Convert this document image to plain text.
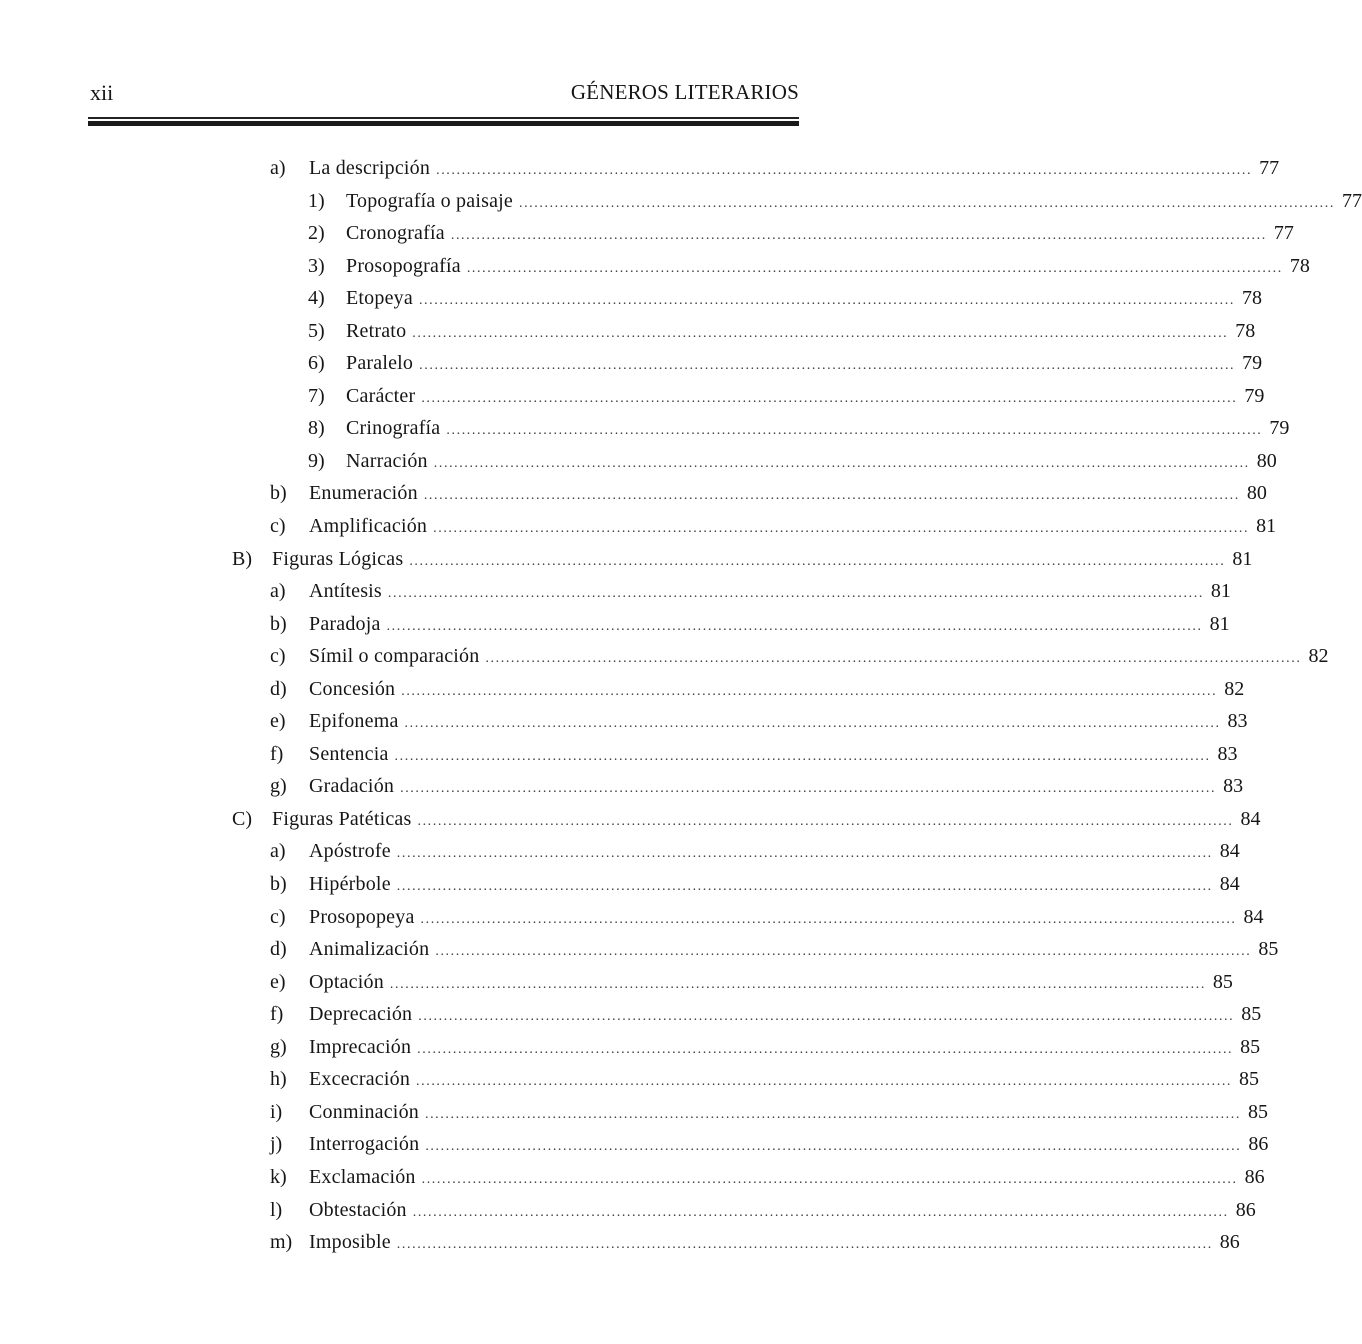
xii	GÉNEROS LITERARIOS
a) La descripción ................................................................................................................................................................ 77
1) Topografía o paisaje ................................................................................................................................................................ 77
2) Cronografía ................................................................................................................................................................ 77
3) Prosopografía ................................................................................................................................................................ 78
4) Etopeya ................................................................................................................................................................ 78
5) Retrato ................................................................................................................................................................ 78
6) Paralelo ................................................................................................................................................................ 79
7) Carácter ................................................................................................................................................................ 79
8) Crinografía ................................................................................................................................................................ 79
9) Narración ................................................................................................................................................................ 80
b) Enumeración ................................................................................................................................................................ 80
c) Amplificación ................................................................................................................................................................ 81
B) Figuras Lógicas ................................................................................................................................................................ 81
a) Antítesis ................................................................................................................................................................ 81
b) Paradoja ................................................................................................................................................................ 81
c) Símil o comparación ................................................................................................................................................................ 82
d) Concesión ................................................................................................................................................................ 82
e) Epifonema ................................................................................................................................................................ 83
f) Sentencia ................................................................................................................................................................ 83
g) Gradación ................................................................................................................................................................ 83
C) Figuras Patéticas ................................................................................................................................................................ 84
a) Apóstrofe ................................................................................................................................................................ 84
b) Hipérbole ................................................................................................................................................................ 84
c) Prosopopeya ................................................................................................................................................................ 84
d) Animalización ................................................................................................................................................................ 85
e) Optación ................................................................................................................................................................ 85
f) Deprecación ................................................................................................................................................................ 85
g) Imprecación ................................................................................................................................................................ 85
h) Excecración ................................................................................................................................................................ 85
i) Conminación ................................................................................................................................................................ 85
j) Interrogación ................................................................................................................................................................ 86
k) Exclamación ................................................................................................................................................................ 86
l) Obtestación ................................................................................................................................................................ 86
m) Imposible ................................................................................................................................................................ 86
